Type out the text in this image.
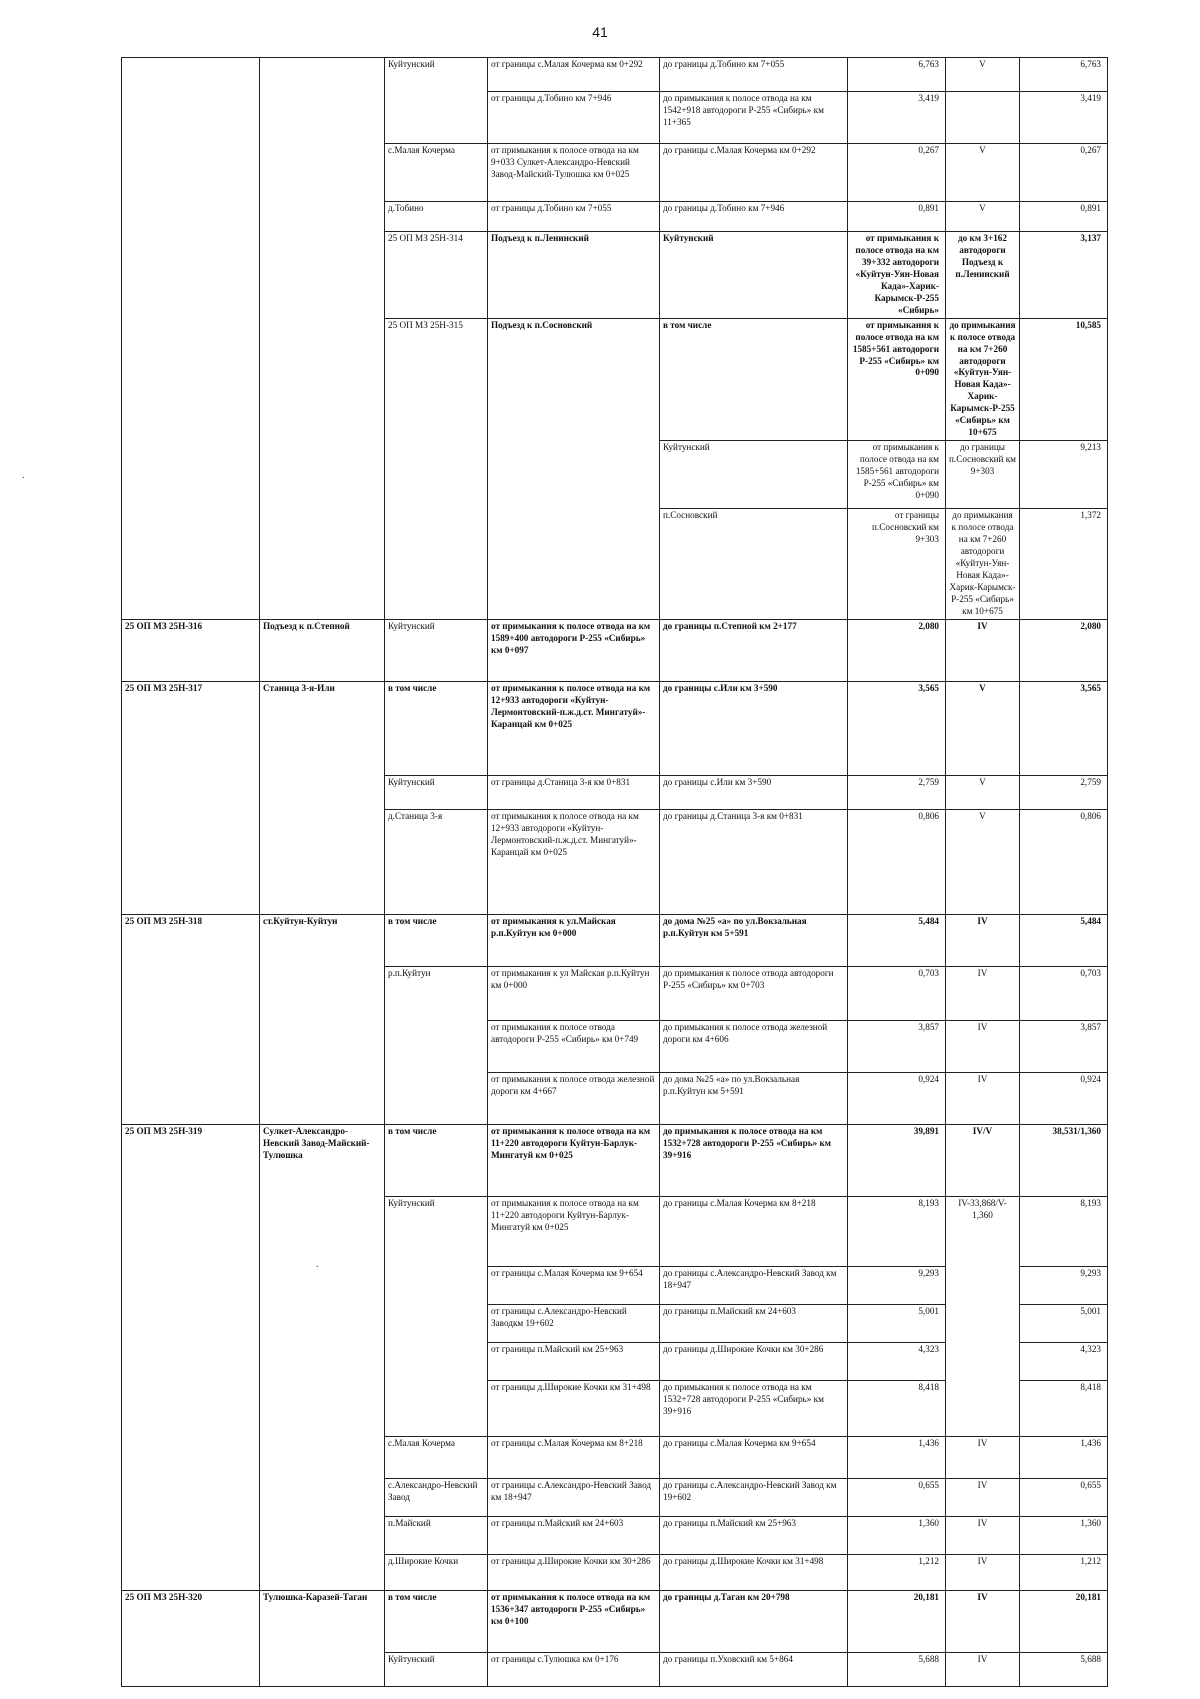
41
.
.
		Куйтунский	от границы с.Малая Кочерма км 0+292	до границы д.Тобино км 7+055	6,763	V	6,763	
			от границы д.Тобино км 7+946	до примыкания к полосе отвода на км 1542+918 автодороги Р-255 «Сибирь» км 11+365	3,419		3,419	
		с.Малая Кочерма	от примыкания к полосе отвода на км 9+033 Сулкет-Александро-Невский Завод-Майский-Тулюшка км 0+025	до границы с.Малая Кочерма км 0+292	0,267	V	0,267	
		д.Тобино	от границы д.Тобино км 7+055	до границы д.Тобино км 7+946	0,891	V	0,891	
		25 ОП МЗ 25Н-314	Подъезд к п.Ленинский	Куйтунский	от примыкания к полосе отвода на км 39+332 автодороги «Куйтун-Уян-Новая Када»-Харик-Карымск-Р-255 «Сибирь»	до км 3+162 автодороги Подъезд к п.Ленинский	3,137		
		25 ОП МЗ 25Н-315	Подъезд к п.Сосновский	в том числе	от примыкания к полосе отвода на км 1585+561 автодороги Р-255 «Сибирь» км 0+090	до примыкания к полосе отвода на км 7+260 автодороги «Куйтун-Уян-Новая Када»-Харик-Карымск-Р-255 «Сибирь» км 10+675	10,585		
				Куйтунский	от примыкания к полосе отвода на км 1585+561 автодороги Р-255 «Сибирь» км 0+090	до границы п.Сосновский км 9+303	9,213		
				п.Сосновский	от границы п.Сосновский км 9+303	до примыкания к полосе отвода на км 7+260 автодороги «Куйтун-Уян-Новая Када»-Харик-Карымск-Р-255 «Сибирь» км 10+675	1,372		
25 ОП МЗ 25Н-316	Подъезд к п.Степной	Куйтунский	от примыкания к полосе отвода на км 1589+400 автодороги Р-255 «Сибирь» км 0+097	до границы п.Степной км 2+177	2,080	IV	2,080	
25 ОП МЗ 25Н-317	Станица 3-я-Или	в том числе	от примыкания к полосе отвода на км 12+933 автодороги «Куйтун-Лермонтовский-п.ж.д.ст. Мингатуй»-Каранцай км 0+025	до границы с.Или км 3+590	3,565	V	3,565	
		Куйтунский	от границы д.Станица 3-я км 0+831	до границы с.Или км 3+590	2,759	V	2,759	
		д.Станица 3-я	от примыкания к полосе отвода на км 12+933 автодороги «Куйтун-Лермонтовский-п.ж.д.ст. Мингатуй»-Каранцай км 0+025	до границы д.Станица 3-я км 0+831	0,806	V	0,806	
25 ОП МЗ 25Н-318	ст.Куйтун-Куйтун	в том числе	от примыкания к ул.Майская р.п.Куйтун км 0+000	до дома №25 «а» по ул.Вокзальная р.п.Куйтун км 5+591	5,484	IV	5,484	
		р.п.Куйтун	от примыкания к ул Майская р.п.Куйтун км 0+000	до примыкания к полосе отвода автодороги Р-255 «Сибирь» км 0+703	0,703	IV	0,703	
			от примыкания к полосе отвода автодороги Р-255 «Сибирь» км 0+749	до примыкания к полосе отвода железной дороги км 4+606	3,857	IV	3,857	
			от примыкания к полосе отвода железной дороги км 4+667	до дома №25 «а» по ул.Вокзальная р.п.Куйтун км 5+591	0,924	IV	0,924	
25 ОП МЗ 25Н-319	Сулкет-Александро-Невский Завод-Майский-Тулюшка	в том числе	от примыкания к полосе отвода на км 11+220 автодороги Куйтун-Барлук-Мингатуй км 0+025	до примыкания к полосе отвода на км 1532+728 автодороги Р-255 «Сибирь» км 39+916	39,891	IV/V	38,531/1,360	
		Куйтунский	от примыкания к полосе отвода на км 11+220 автодороги Куйтун-Барлук-Мингатуй км 0+025	до границы с.Малая Кочерма км 8+218	8,193	IV-33,868/V-1,360	8,193	
			от границы с.Малая Кочерма км 9+654	до границы с.Александро-Невский Завод км 18+947	9,293		9,293	
			от границы с.Александро-Невский Заводкм 19+602	до границы п.Майский км 24+603	5,001		5,001	
			от границы п.Майский км 25+963	до границы д.Широкие Кочки км 30+286	4,323		4,323	
			от границы д.Широкие Кочки км 31+498	до примыкания к полосе отвода на км 1532+728 автодороги Р-255 «Сибирь» км 39+916	8,418		8,418	
		с.Малая Кочерма	от границы с.Малая Кочерма км 8+218	до границы с.Малая Кочерма км 9+654	1,436	IV	1,436	
		с.Александро-Невский Завод	от границы с.Александро-Невский Завод км 18+947	до границы с.Александро-Невский Завод км 19+602	0,655	IV	0,655	
		п.Майский	от границы п.Майский км 24+603	до границы п.Майский км 25+963	1,360	IV	1,360	
		д.Широкие Кочки	от границы д.Широкие Кочки км 30+286	до границы д.Широкие Кочки км 31+498	1,212	IV	1,212	
25 ОП МЗ 25Н-320	Тулюшка-Каразей-Таган	в том числе	от примыкания к полосе отвода на км 1536+347 автодороги Р-255 «Сибирь» км 0+100	до границы д.Таган км 20+798	20,181	IV	20,181	
		Куйтунский	от границы с.Тулюшка км 0+176	до границы п.Уховский км 5+864	5,688	IV	5,688	
